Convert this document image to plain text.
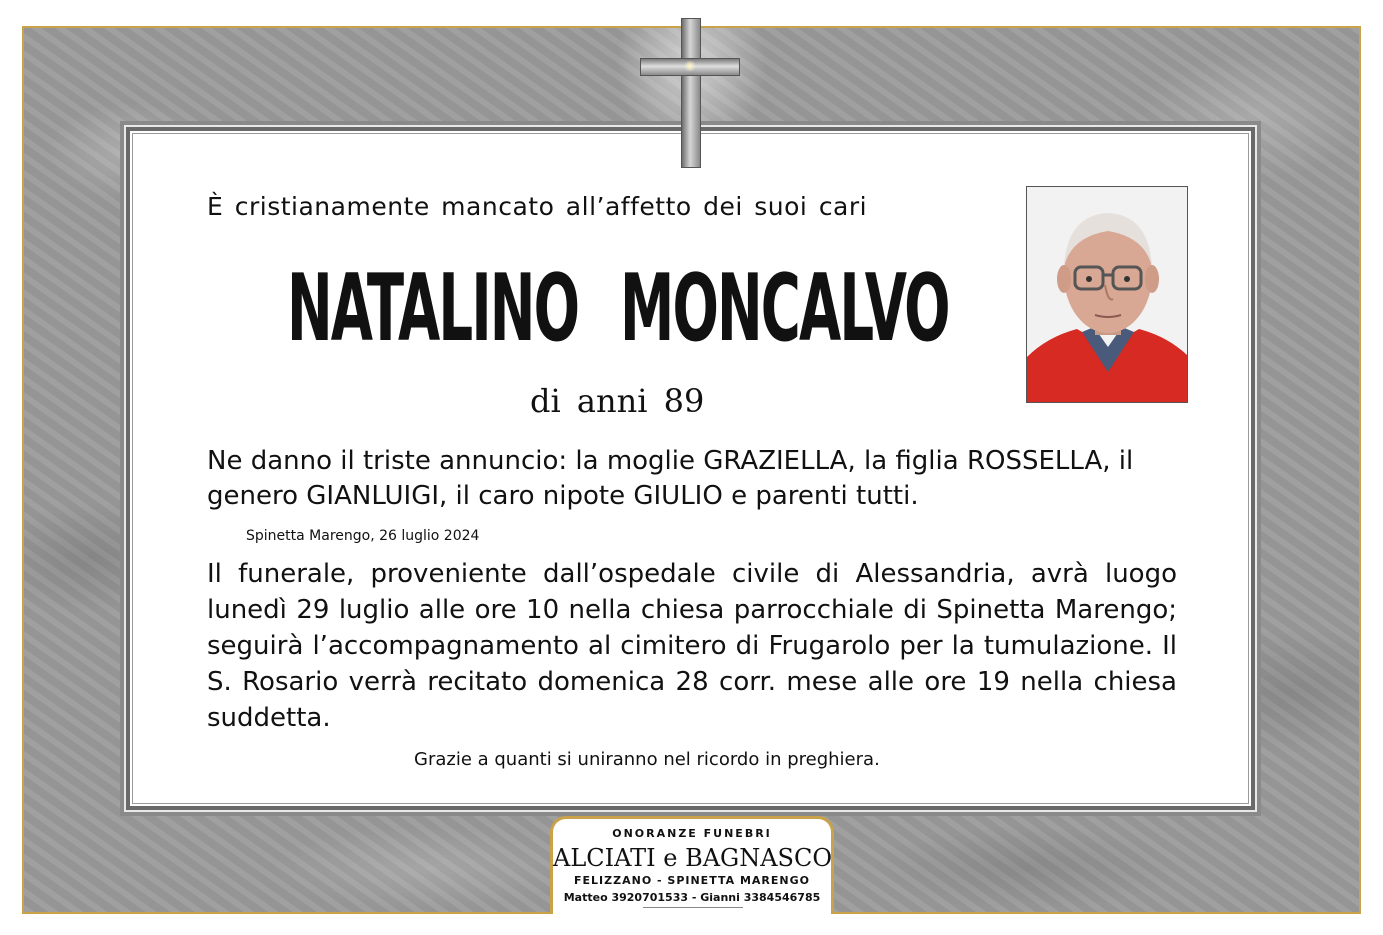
È cristianamente mancato all’affetto dei suoi cari
NATALINO MONCALVO
di anni 89
Ne danno il triste annuncio: la moglie GRAZIELLA, la figlia ROSSELLA, il genero GIANLUIGI, il caro nipote GIULIO e parenti tutti.
Spinetta Marengo, 26 luglio 2024
Il funerale, proveniente dall’ospedale civile di Alessandria, avrà luogo lunedì 29 luglio alle ore 10 nella chiesa parrocchiale di Spinetta Marengo; seguirà l’accompagnamento al cimitero di Frugarolo per la tumulazione. Il S. Rosario verrà recitato domenica 28 corr. mese alle ore 19 nella chiesa suddetta.
Grazie a quanti si uniranno nel ricordo in preghiera.
ONORANZE FUNEBRI
ALCIATI e BAGNASCO
FELIZZANO - SPINETTA MARENGO
Matteo 3920701533 - Gianni 3384546785
